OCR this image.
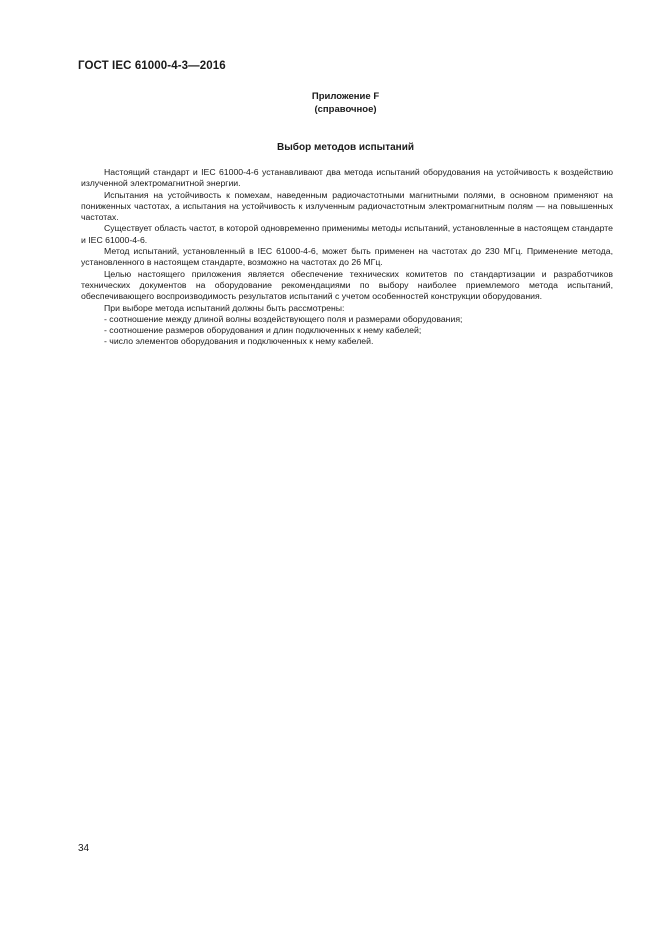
ГОСТ IEC 61000-4-3—2016
Приложение F
(справочное)
Выбор методов испытаний

Настоящий стандарт и IEC 61000-4-6 устанавливают два метода испытаний оборудования на устойчивость к воздействию излученной электромагнитной энергии.

Испытания на устойчивость к помехам, наведенным радиочастотными магнитными полями, в основном применяют на пониженных частотах, а испытания на устойчивость к излученным радиочастотным электромагнитным полям — на повышенных частотах.

Существует область частот, в которой одновременно применимы методы испытаний, установленные в настоящем стандарте и IEC 61000-4-6.

Метод испытаний, установленный в IEC 61000-4-6, может быть применен на частотах до 230 МГц. Применение метода, установленного в настоящем стандарте, возможно на частотах до 26 МГц.

Целью настоящего приложения является обеспечение технических комитетов по стандартизации и разработчиков технических документов на оборудование рекомендациями по выбору наиболее приемлемого метода испытаний, обеспечивающего воспроизводимость результатов испытаний с учетом особенностей конструкции оборудования.

При выборе метода испытаний должны быть рассмотрены:

- соотношение между длиной волны воздействующего поля и размерами оборудования;
- соотношение размеров оборудования и длин подключенных к нему кабелей;
- число элементов оборудования и подключенных к нему кабелей.
34
